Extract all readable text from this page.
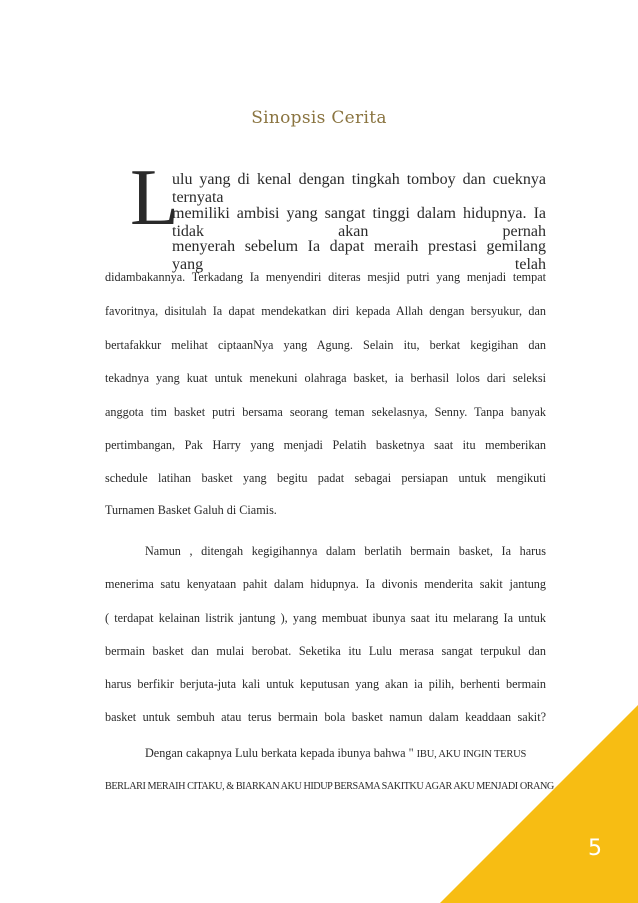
Sinopsis Cerita
L
ulu yang di kenal dengan tingkah tomboy dan cueknya ternyata
memiliki ambisi yang sangat tinggi dalam hidupnya. Ia tidak akan pernah
menyerah sebelum Ia dapat meraih prestasi gemilang yang telah
didambakannya. Terkadang Ia menyendiri diteras mesjid putri yang menjadi tempat
favoritnya, disitulah Ia dapat mendekatkan diri kepada Allah dengan bersyukur, dan
bertafakkur melihat ciptaanNya yang Agung. Selain itu, berkat kegigihan dan
tekadnya yang kuat untuk menekuni olahraga basket, ia berhasil lolos dari seleksi
anggota tim basket putri bersama seorang teman sekelasnya, Senny. Tanpa banyak
pertimbangan, Pak Harry yang menjadi Pelatih basketnya saat itu memberikan
schedule latihan basket yang begitu padat sebagai persiapan untuk mengikuti
Turnamen Basket Galuh di Ciamis.
Namun , ditengah kegigihannya dalam berlatih bermain basket, Ia harus
menerima satu kenyataan pahit dalam hidupnya. Ia divonis menderita sakit jantung
( terdapat kelainan listrik jantung ), yang membuat ibunya saat itu melarang Ia untuk
bermain basket dan mulai berobat. Seketika itu Lulu merasa sangat terpukul dan
harus berfikir berjuta-juta kali untuk keputusan yang akan ia pilih, berhenti bermain
basket untuk sembuh atau terus bermain bola basket namun dalam keaddaan sakit?
Dengan cakapnya Lulu berkata kepada ibunya bahwa " IBU, AKU INGIN TERUS
BERLARI MERAIH CITAKU, & BIARKAN AKU HIDUP BERSAMA SAKITKU AGAR AKU MENJADI ORANG
5
